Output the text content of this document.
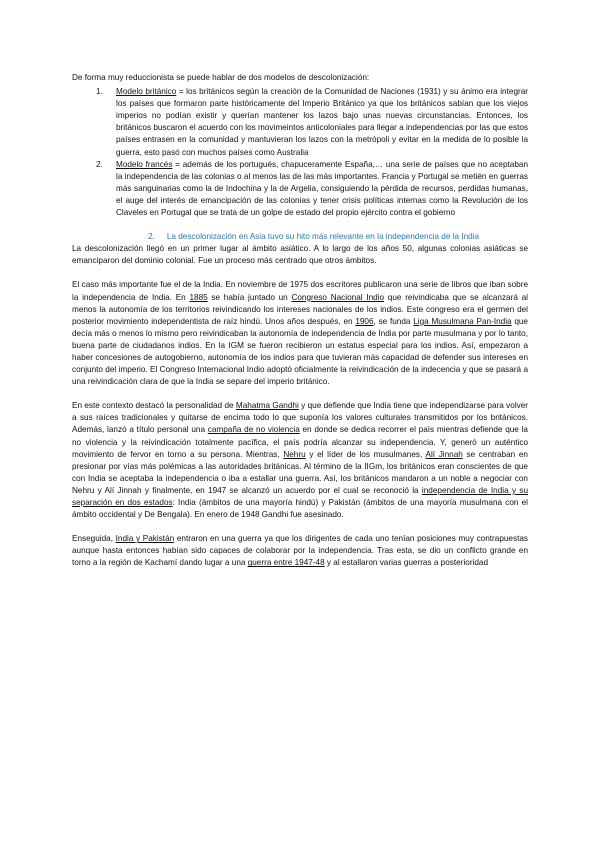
De forma muy reduccionista se puede hablar de dos modelos de descolonización:

1. Modelo británico = los británicos según la creación de la Comunidad de Naciones (1931) y su ánimo era integrar los países que formaron parte históricamente del Imperio Británico ya que los británicos sabían que los viejos imperios no podían existir y querían mantener los lazos bajo unas nuevas circunstancias. Entonces, los británicos buscaron el acuerdo con los movimeintos anticoloniales para llegar a independencias por las que estos países entrasen en la comunidad y mantuvieran los lazos con la metrópoli y evitar en la medida de lo posible la guerra, esto pasó con muchos países como Australia
2. Modelo francés = además de los portugués, chapuceramente España,… una serie de países que no aceptaban la independencia de las colonias o al menos las de las más importantes. Francia y Portugal se metién en guerras más sanguinarias como la de Indochina y la de Argelia, consiguiendo la pérdida de recursos, perdidas humanas, el auge del interés de emancipación de las colonias y tener crisis políticas internas como la Revolución de los Claveles en Portugal que se trata de un golpe de estado del propio ejército contra el gobierno

2. La descolonización en Asia tuvo su hito más relevante en la independencia de la India

La descolonización llegó en un primer lugar al ámbito asiático. A lo largo de los años 50, algunas colonias asiáticas se emanciparon del dominio colonial. Fue un proceso más centrado que otros ámbitos.

El caso más importante fue el de la India. En noviembre de 1975 dos escritores publicaron una serie de libros que iban sobre la independencia de India. En 1885 se había juntado un Congreso Nacional Indio que reivindicaba que se alcanzará al menos la autonomía de los territorios reivindicando los intereses nacionales de los indios. Este congreso era el germen del posterior movimiento independentista de raíz hindú. Unos años después, en 1906, se funda Liga Musulmana Pan-India que decía más o menos lo mismo pero reivindicaban la autonomía de independencia de India por parte musulmana y por lo tanto, buena parte de ciudadanos indios. En la IGM se fueron recibieron un estatus especial para los indios. Así, empezaron a haber concesiones de autogobierno, autonomía de los indios para que tuvieran más capacidad de defender sus intereses en conjunto del imperio. El Congreso Internacional Indio adoptó oficialmente la reivindicación de la indecencia y que se pasará a una reivindicación clara de que la India se separe del imperio británico.

En este contexto destacó la personalidad de Mahatma Gandhi y que defiende que India tiene que independizarse para volver a sus raíces tradicionales y quitarse de encima todo lo que suponía los valores culturales transmitidos por los británicos. Además, lanzó a título personal una campaña de no violencia en donde se dedica recorrer el país mientras defiende que la no violencia y la reivindicación totalmente pacífica, el país podría alcanzar su independencia. Y, generó un auténtico movimiento de fervor en torno a su persona. Mientras, Nehru y el líder de los musulmanes, Alí Jinnah se centraban en presionar por vías más polémicas a las autoridades británicas. Al término de la IIGm, los británicos eran conscientes de que con India se aceptaba la independencia o iba a estallar una guerra. Así, los británicos mandaron a un noble a negociar con Nehru y Alí Jinnah y finalmente, en 1947 se alcanzó un acuerdo por el cual se reconoció la independencia de India y su separación en dos estados: India (ámbitos de una mayoría hindú) y Pakistán (ámbitos de una mayoría musulmana con el ámbito occidental y De Bengala). En enero de 1948 Gandhi fue asesinado.

Enseguida, India y Pakistán entraron en una guerra ya que los dirigentes de cada uno tenían posiciones muy contrapuestas aunque hasta entonces habían sido capaces de colaborar por la independencia. Tras esta, se dio un conflicto grande en torno a la región de Kachamí dando lugar a una guerra entre 1947-48 y al estallaron varias guerras a posterioridad
